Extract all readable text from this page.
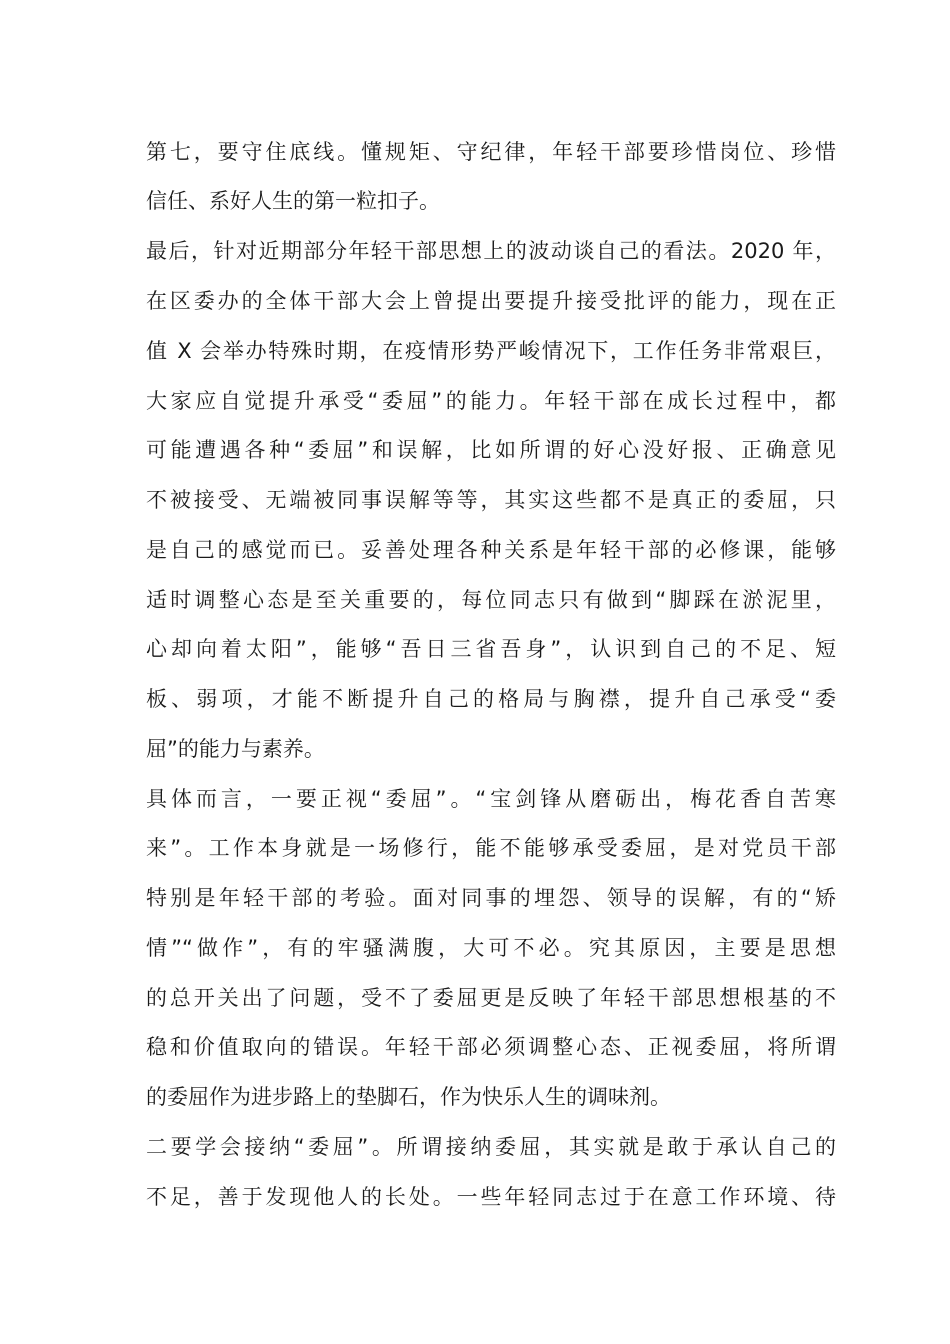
第七，要守住底线。懂规矩、守纪律，年轻干部要珍惜岗位、珍惜
信任、系好人生的第一粒扣子。
最后，针对近期部分年轻干部思想上的波动谈自己的看法。2020 年，
在区委办的全体干部大会上曾提出要提升接受批评的能力，现在正
值 X 会举办特殊时期，在疫情形势严峻情况下，工作任务非常艰巨，
大家应自觉提升承受“委屈”的能力。年轻干部在成长过程中，都
可能遭遇各种“委屈”和误解，比如所谓的好心没好报、正确意见
不被接受、无端被同事误解等等，其实这些都不是真正的委屈，只
是自己的感觉而已。妥善处理各种关系是年轻干部的必修课，能够
适时调整心态是至关重要的，每位同志只有做到“脚踩在淤泥里，
心却向着太阳”，能够“吾日三省吾身”，认识到自己的不足、短
板、弱项，才能不断提升自己的格局与胸襟，提升自己承受“委
屈”的能力与素养。
具体而言，一要正视“委屈”。“宝剑锋从磨砺出，梅花香自苦寒
来”。工作本身就是一场修行，能不能够承受委屈，是对党员干部
特别是年轻干部的考验。面对同事的埋怨、领导的误解，有的“矫
情”“做作”，有的牢骚满腹，大可不必。究其原因，主要是思想
的总开关出了问题，受不了委屈更是反映了年轻干部思想根基的不
稳和价值取向的错误。年轻干部必须调整心态、正视委屈，将所谓
的委屈作为进步路上的垫脚石，作为快乐人生的调味剂。
二要学会接纳“委屈”。所谓接纳委屈，其实就是敢于承认自己的
不足，善于发现他人的长处。一些年轻同志过于在意工作环境、待
